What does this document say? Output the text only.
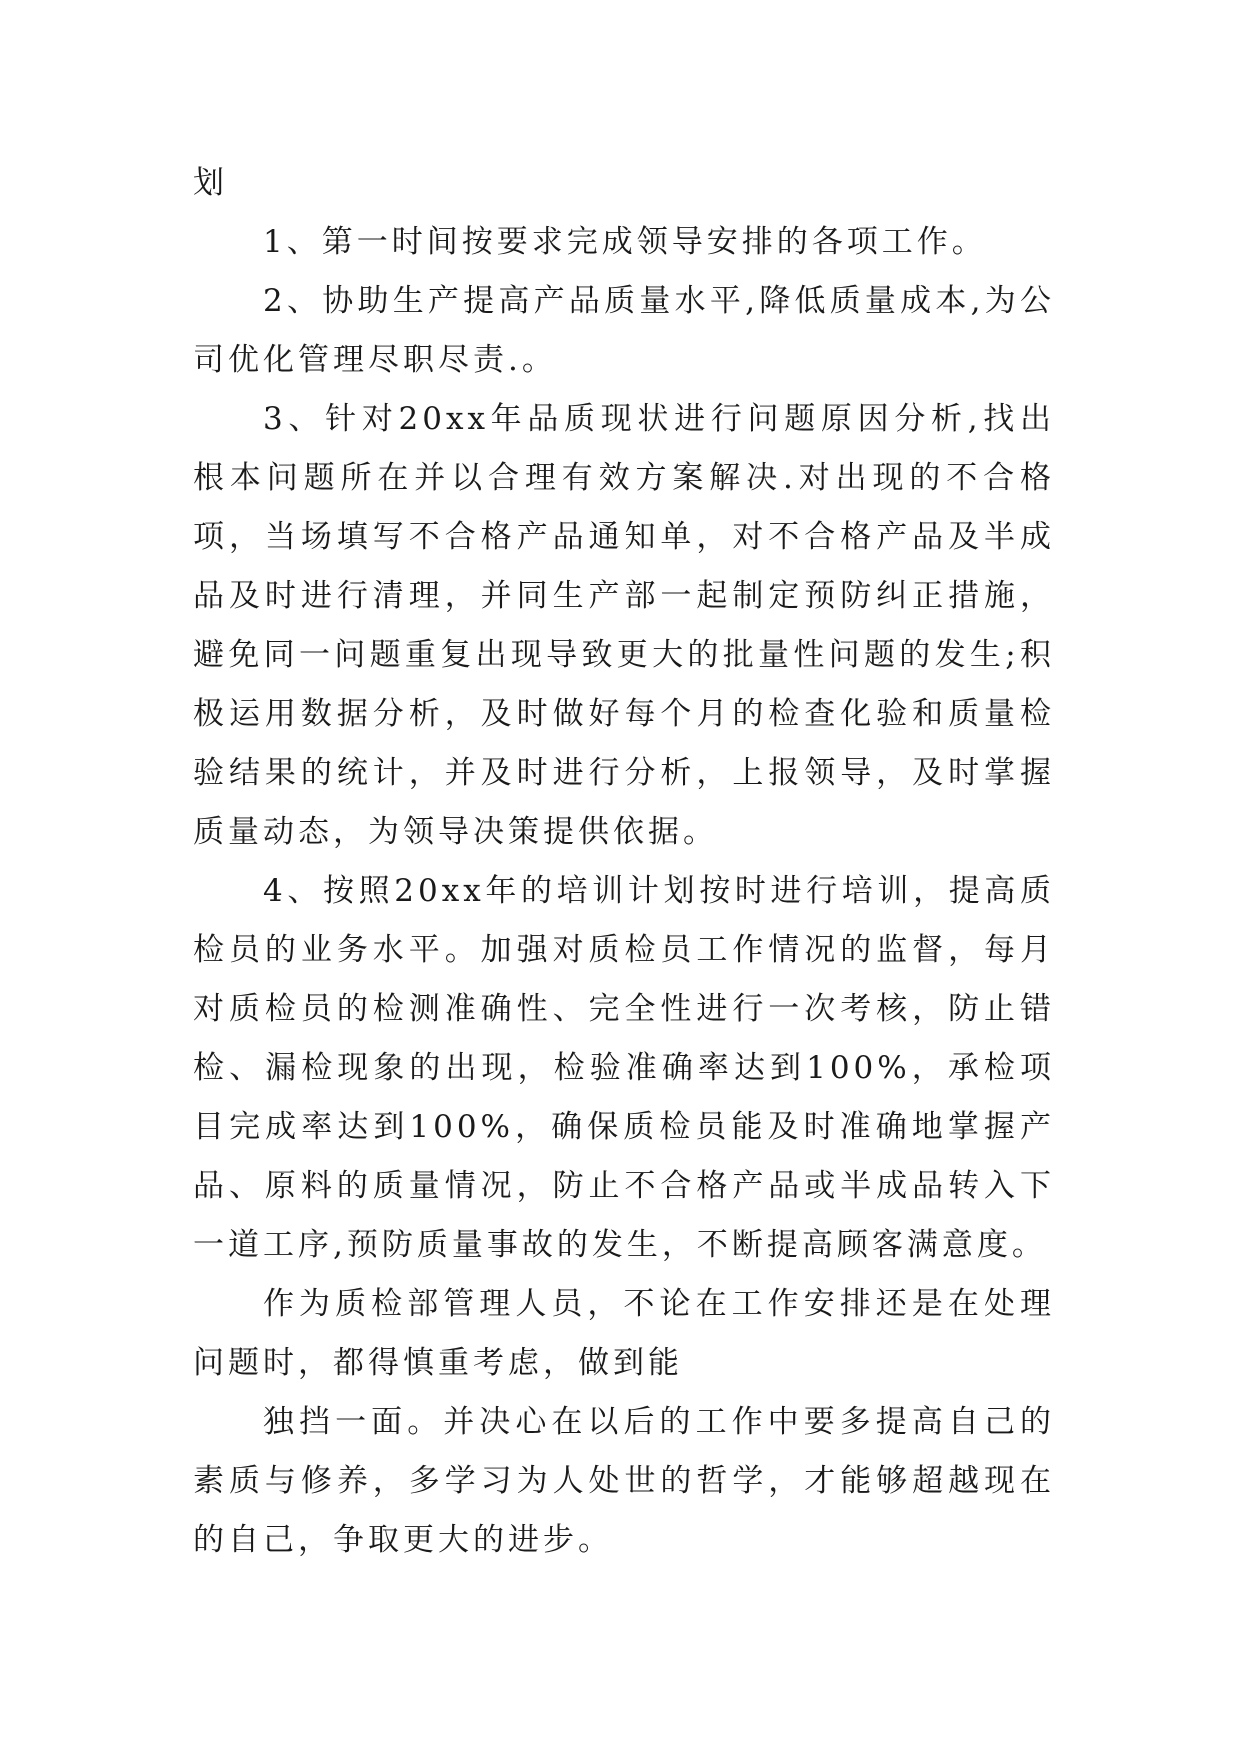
划

1、第一时间按要求完成领导安排的各项工作。

2、协助生产提高产品质量水平,降低质量成本,为公司优化管理尽职尽责.。

3、针对20xx年品质现状进行问题原因分析,找出根本问题所在并以合理有效方案解决.对出现的不合格项，当场填写不合格产品通知单，对不合格产品及半成品及时进行清理，并同生产部一起制定预防纠正措施，避免同一问题重复出现导致更大的批量性问题的发生;积极运用数据分析，及时做好每个月的检查化验和质量检验结果的统计，并及时进行分析，上报领导，及时掌握质量动态，为领导决策提供依据。

4、按照20xx年的培训计划按时进行培训，提高质检员的业务水平。加强对质检员工作情况的监督，每月对质检员的检测准确性、完全性进行一次考核，防止错检、漏检现象的出现，检验准确率达到100%，承检项目完成率达到100%，确保质检员能及时准确地掌握产品、原料的质量情况，防止不合格产品或半成品转入下一道工序,预防质量事故的发生，不断提高顾客满意度。

作为质检部管理人员，不论在工作安排还是在处理问题时，都得慎重考虑，做到能

独挡一面。并决心在以后的工作中要多提高自己的素质与修养，多学习为人处世的哲学，才能够超越现在的自己，争取更大的进步。
